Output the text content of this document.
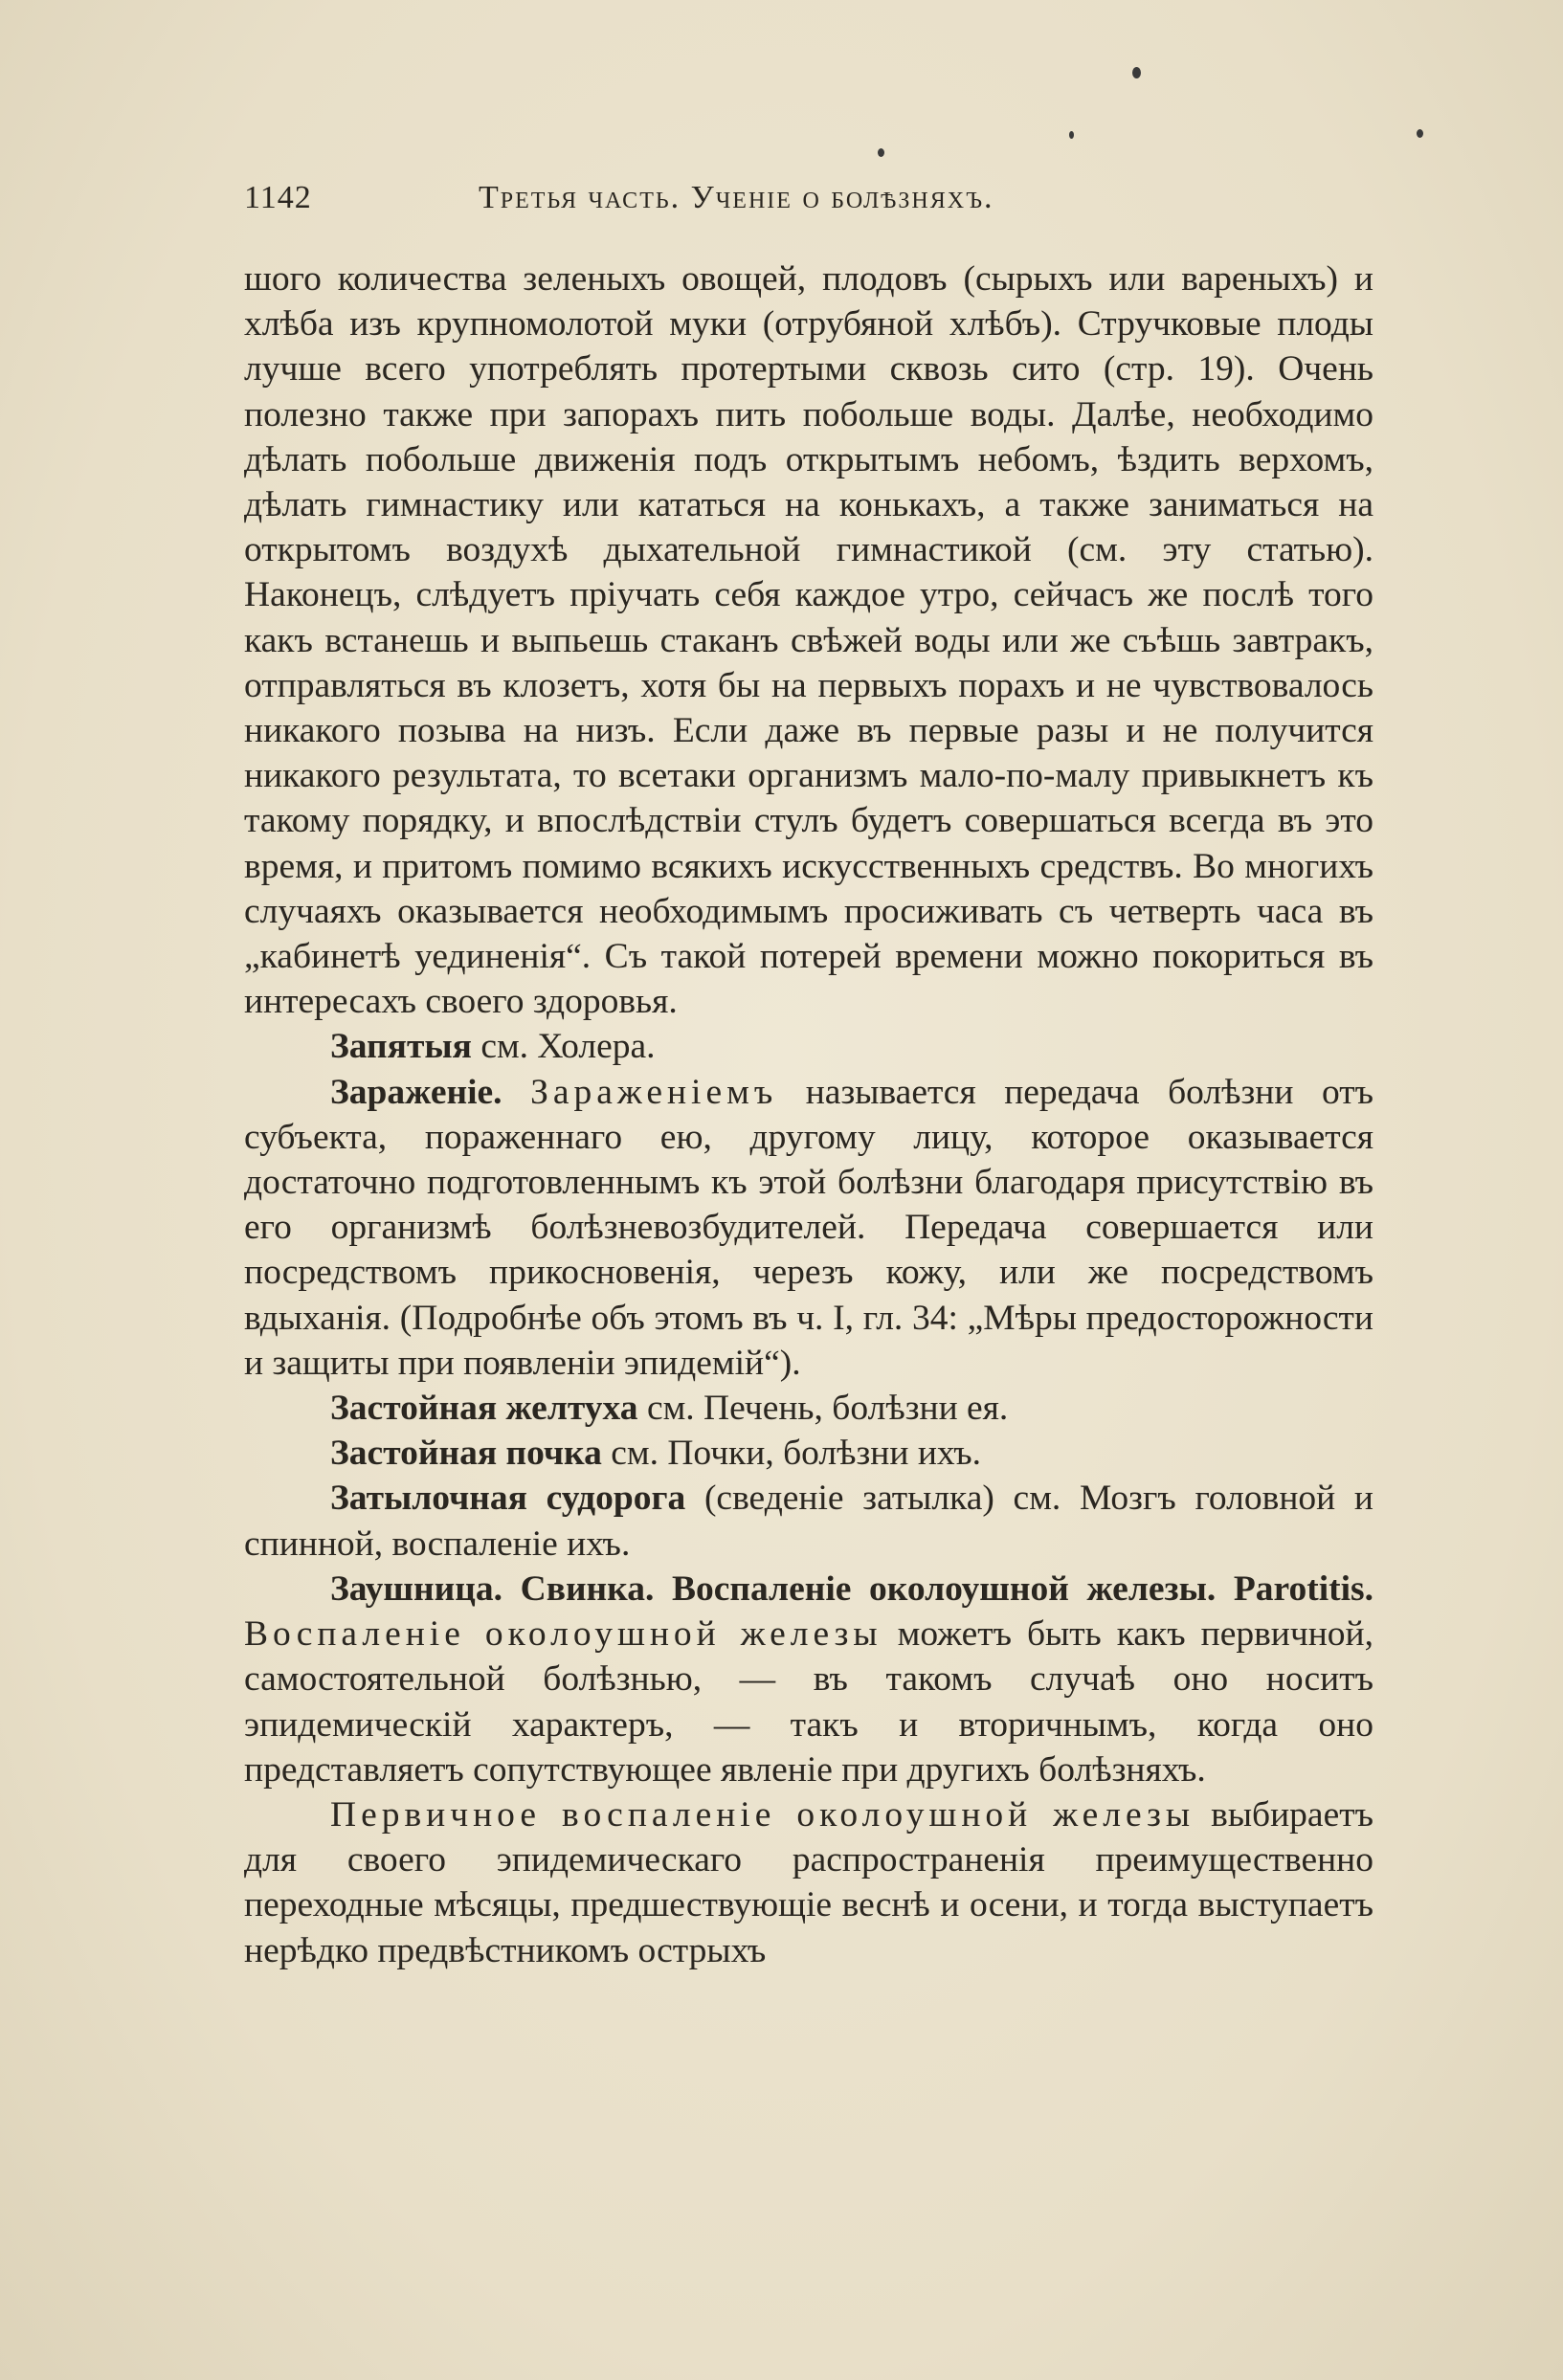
1142	Третья часть. Ученіе о болѣзняхъ.

шого количества зеленыхъ овощей, плодовъ (сырыхъ или вареныхъ) и хлѣба изъ крупномолотой муки (отрубяной хлѣбъ). Стручковые плоды лучше всего употреблять протертыми сквозь сито (стр. 19). Очень полезно также при запорахъ пить побольше воды. Далѣе, необходимо дѣлать побольше движенія подъ открытымъ небомъ, ѣздить верхомъ, дѣлать гимнастику или кататься на конькахъ, а также заниматься на открытомъ воздухѣ дыхательной гимнастикой (см. эту статью). Наконецъ, слѣдуетъ пріучать себя каждое утро, сейчасъ же послѣ того какъ встанешь и выпьешь стаканъ свѣжей воды или же съѣшь завтракъ, отправляться въ клозетъ, хотя бы на первыхъ порахъ и не чувствовалось никакого позыва на низъ. Если даже въ первые разы и не получится никакого результата, то всетаки организмъ мало-по-малу привыкнетъ къ такому порядку, и впослѣдствіи стулъ будетъ совершаться всегда въ это время, и притомъ помимо всякихъ искусственныхъ средствъ. Во многихъ случаяхъ оказывается необходимымъ просиживать съ четверть часа въ „кабинетѣ уединенія“. Съ такой потерей времени можно покориться въ интересахъ своего здоровья.

Запятыя см. Холера.

Зараженіе. Зараженіемъ называется передача болѣзни отъ субъекта, пораженнаго ею, другому лицу, которое оказывается достаточно подготовленнымъ къ этой болѣзни благодаря присутствію въ его организмѣ болѣзневозбудителей. Передача совершается или посредствомъ прикосновенія, черезъ кожу, или же посредствомъ вдыханія. (Подробнѣе объ этомъ въ ч. I, гл. 34: „Мѣры предосторожности и защиты при появленіи эпидемій“).

Застойная желтуха см. Печень, болѣзни ея.

Застойная почка см. Почки, болѣзни ихъ.

Затылочная судорога (сведеніе затылка) см. Мозгъ головной и спинной, воспаленіе ихъ.

Заушница. Свинка. Воспаленіе околоушной железы. Parotitis. Воспаленіе околоушной железы можетъ быть какъ первичной, самостоятельной болѣзнью, — въ такомъ случаѣ оно носитъ эпидемическій характеръ, — такъ и вторичнымъ, когда оно представляетъ сопутствующее явленіе при другихъ болѣзняхъ.

Первичное воспаленіе околоушной железы выбираетъ для своего эпидемическаго распространенія преимущественно переходные мѣсяцы, предшествующіе веснѣ и осени, и тогда выступаетъ нерѣдко предвѣстникомъ острыхъ
